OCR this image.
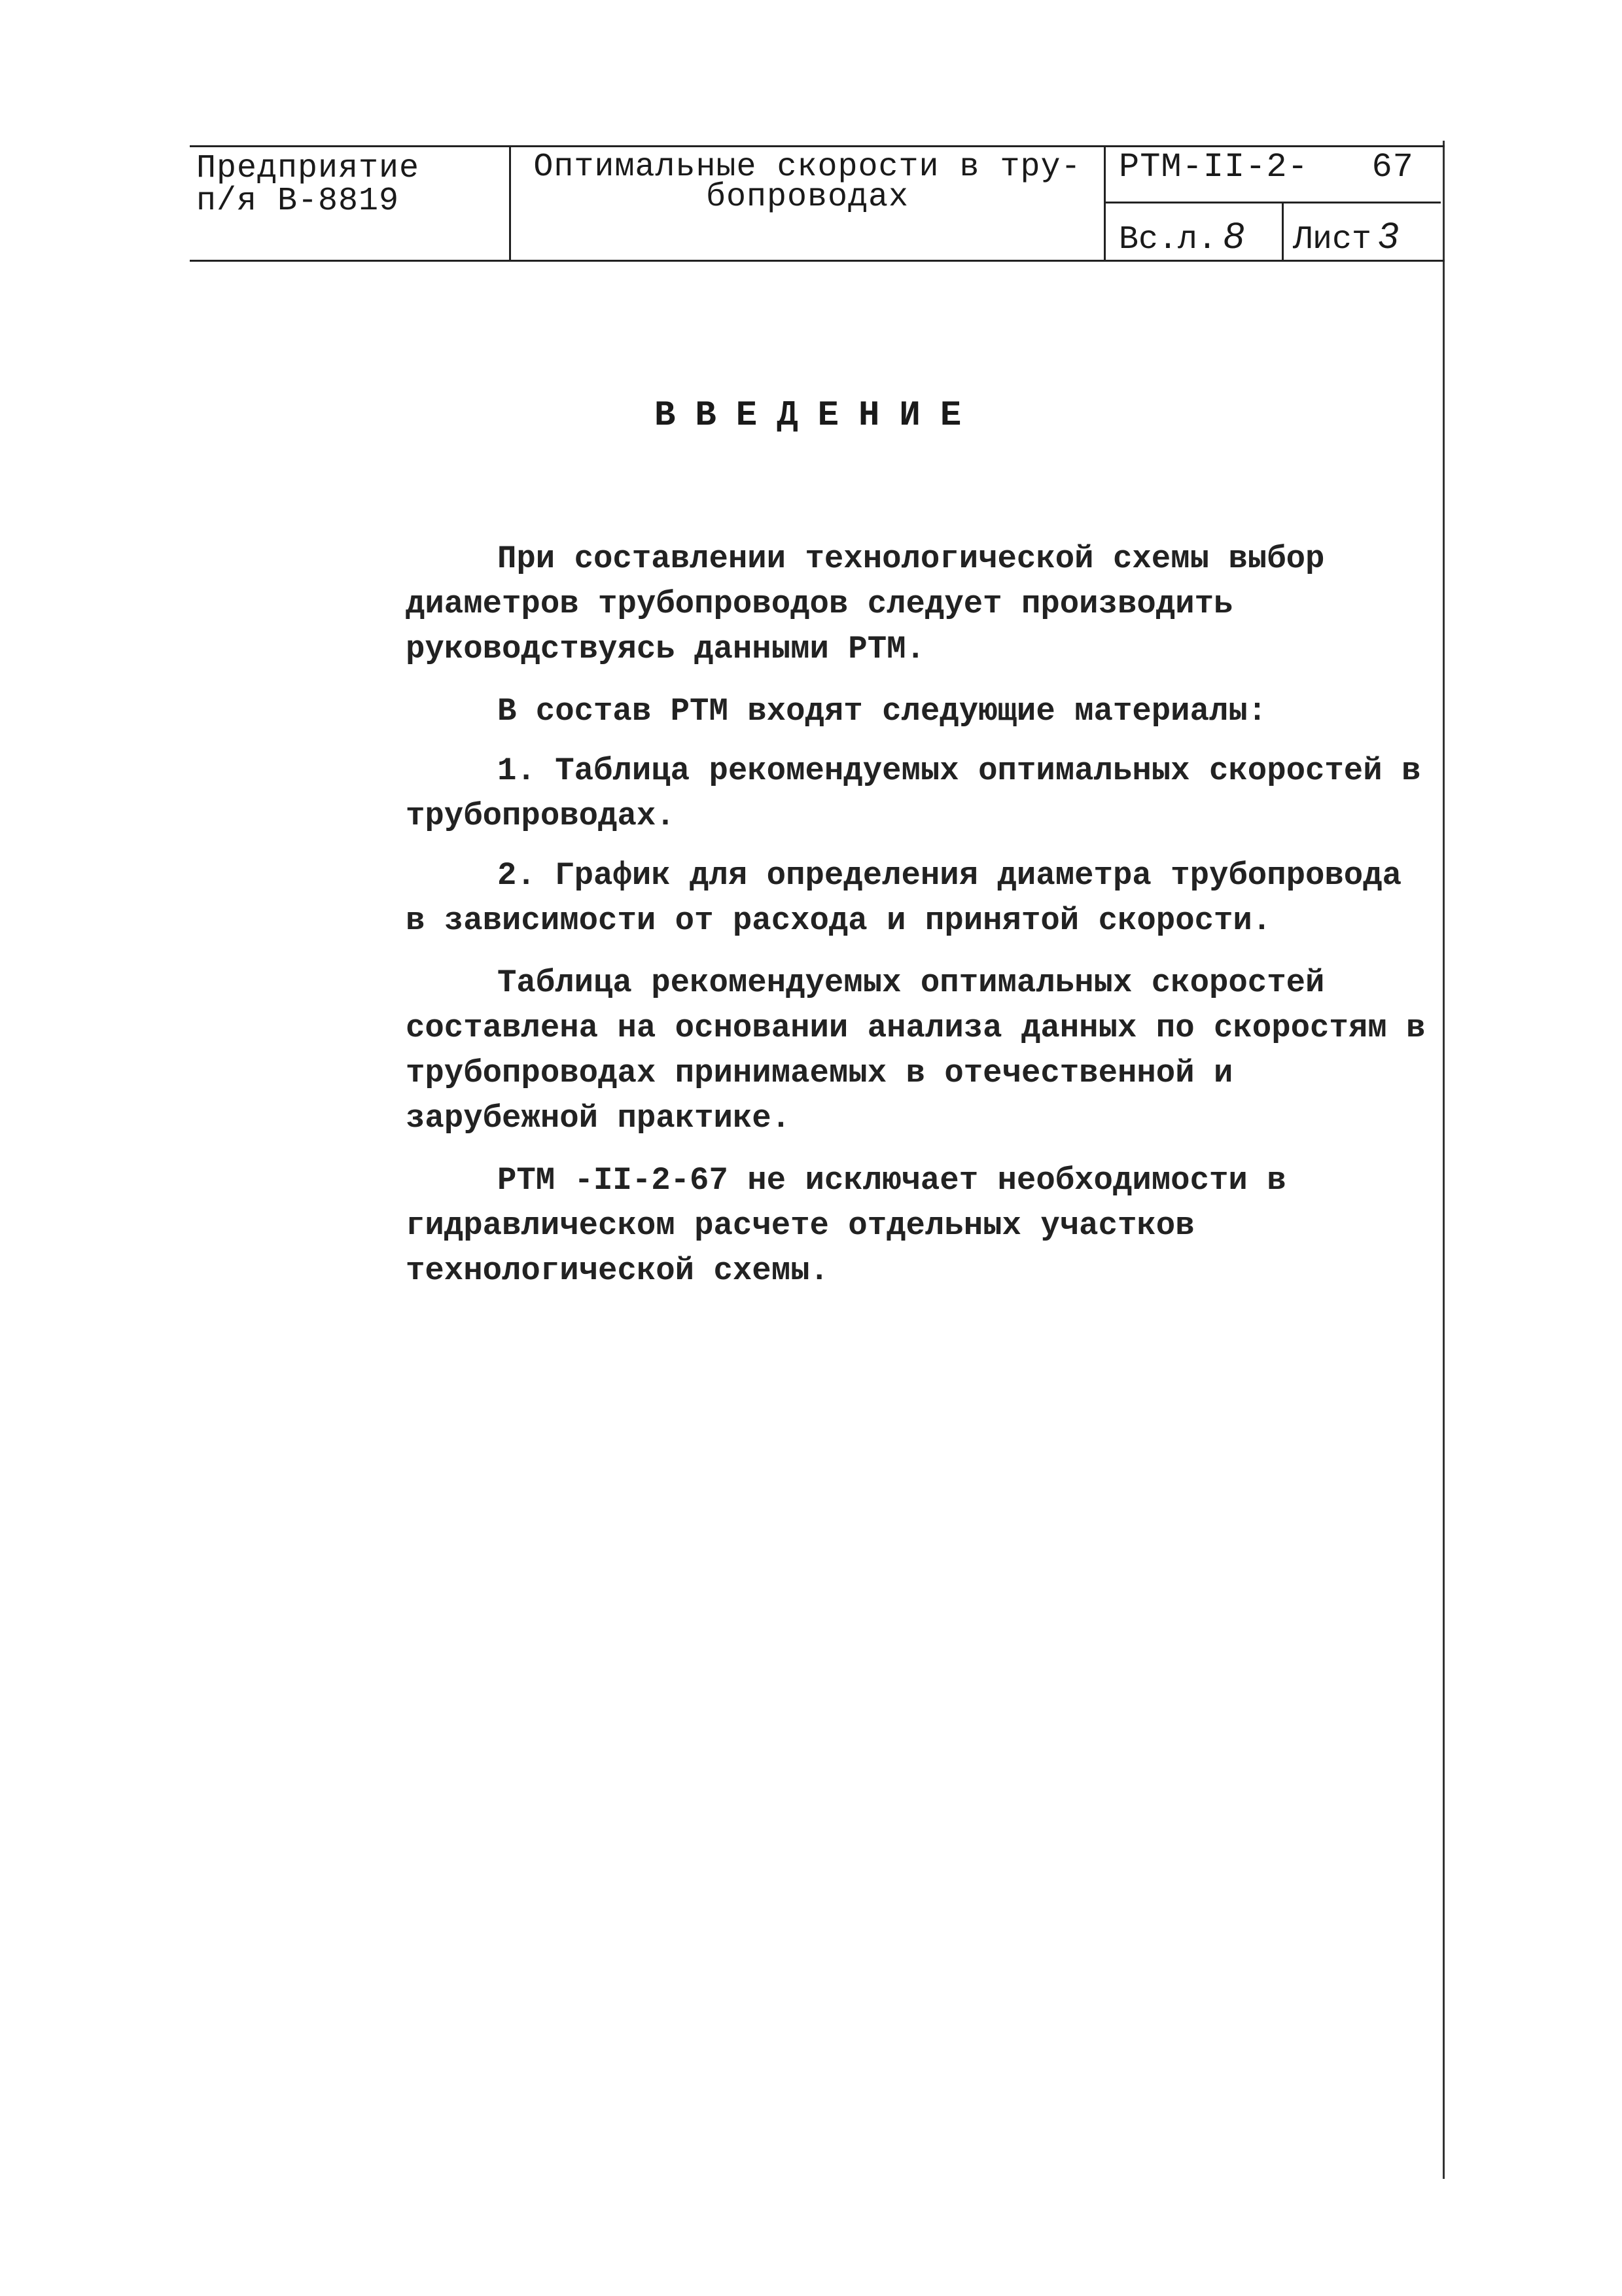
Предприятие
п/я В-8819
Оптимальные скорости в тру-
бопроводах
РТМ-II-2-   67
Вс.л. 8	Лист 3
ВВЕДЕНИЕ

При составлении технологической схемы выбор диаметров трубопроводов следует производить руководствуясь данными РТМ.

В состав РТМ входят следующие материалы:

1. Таблица рекомендуемых оптимальных скоростей в трубопроводах.

2. График для определения диаметра трубопровода в зависимости от расхода и принятой скорости.

Таблица рекомендуемых оптимальных скоростей составлена на основании анализа данных по скоростям в трубопроводах принимаемых в отечественной и зарубежной практике.

РТМ -II-2-67 не исключает необходимости в гидравлическом расчете отдельных участков технологической схемы.
